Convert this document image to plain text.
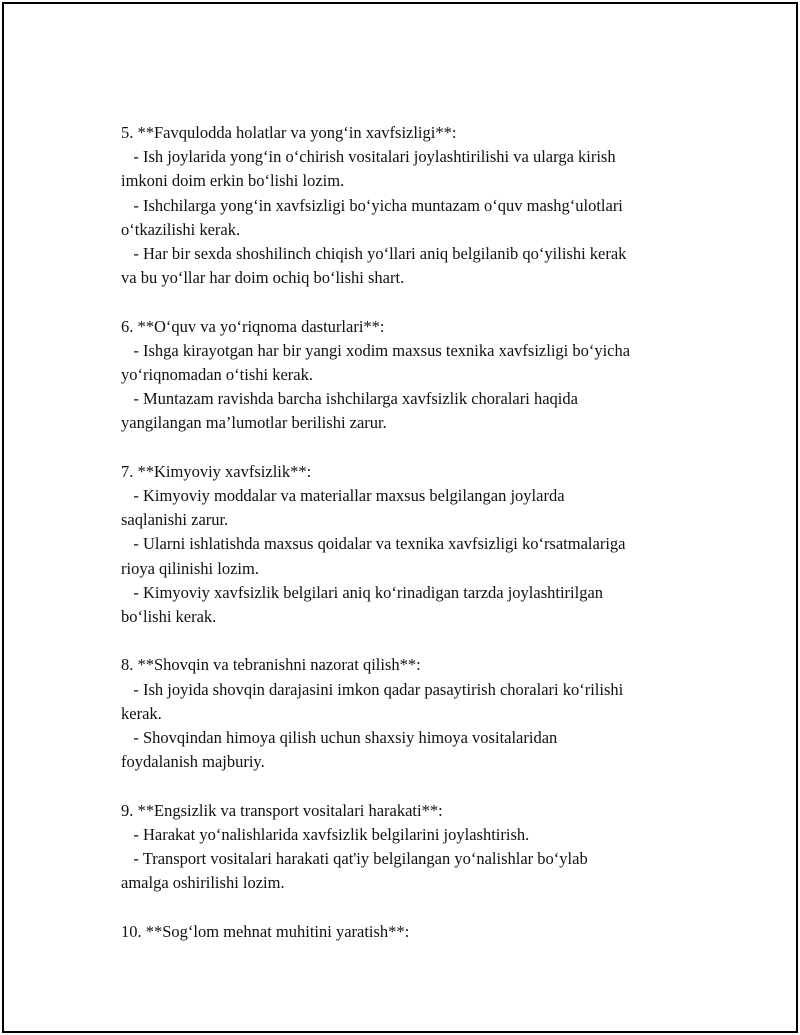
5. **Favqulodda holatlar va yong‘in xavfsizligi**:
- Ish joylarida yong‘in o‘chirish vositalari joylashtirilishi va ularga kirish
imkoni doim erkin bo‘lishi lozim.
- Ishchilarga yong‘in xavfsizligi bo‘yicha muntazam o‘quv mashg‘ulotlari
o‘tkazilishi kerak.
- Har bir sexda shoshilinch chiqish yo‘llari aniq belgilanib qo‘yilishi kerak
va bu yo‘llar har doim ochiq bo‘lishi shart.
6. **O‘quv va yo‘riqnoma dasturlari**:
- Ishga kirayotgan har bir yangi xodim maxsus texnika xavfsizligi bo‘yicha
yo‘riqnomadan o‘tishi kerak.
- Muntazam ravishda barcha ishchilarga xavfsizlik choralari haqida
yangilangan ma’lumotlar berilishi zarur.
7. **Kimyoviy xavfsizlik**:
- Kimyoviy moddalar va materiallar maxsus belgilangan joylarda
saqlanishi zarur.
- Ularni ishlatishda maxsus qoidalar va texnika xavfsizligi ko‘rsatmalariga
rioya qilinishi lozim.
- Kimyoviy xavfsizlik belgilari aniq ko‘rinadigan tarzda joylashtirilgan
bo‘lishi kerak.
8. **Shovqin va tebranishni nazorat qilish**:
- Ish joyida shovqin darajasini imkon qadar pasaytirish choralari ko‘rilishi
kerak.
- Shovqindan himoya qilish uchun shaxsiy himoya vositalaridan
foydalanish majburiy.
9. **Engsizlik va transport vositalari harakati**:
- Harakat yo‘nalishlarida xavfsizlik belgilarini joylashtirish.
- Transport vositalari harakati qat'iy belgilangan yo‘nalishlar bo‘ylab
amalga oshirilishi lozim.
10. **Sog‘lom mehnat muhitini yaratish**:
